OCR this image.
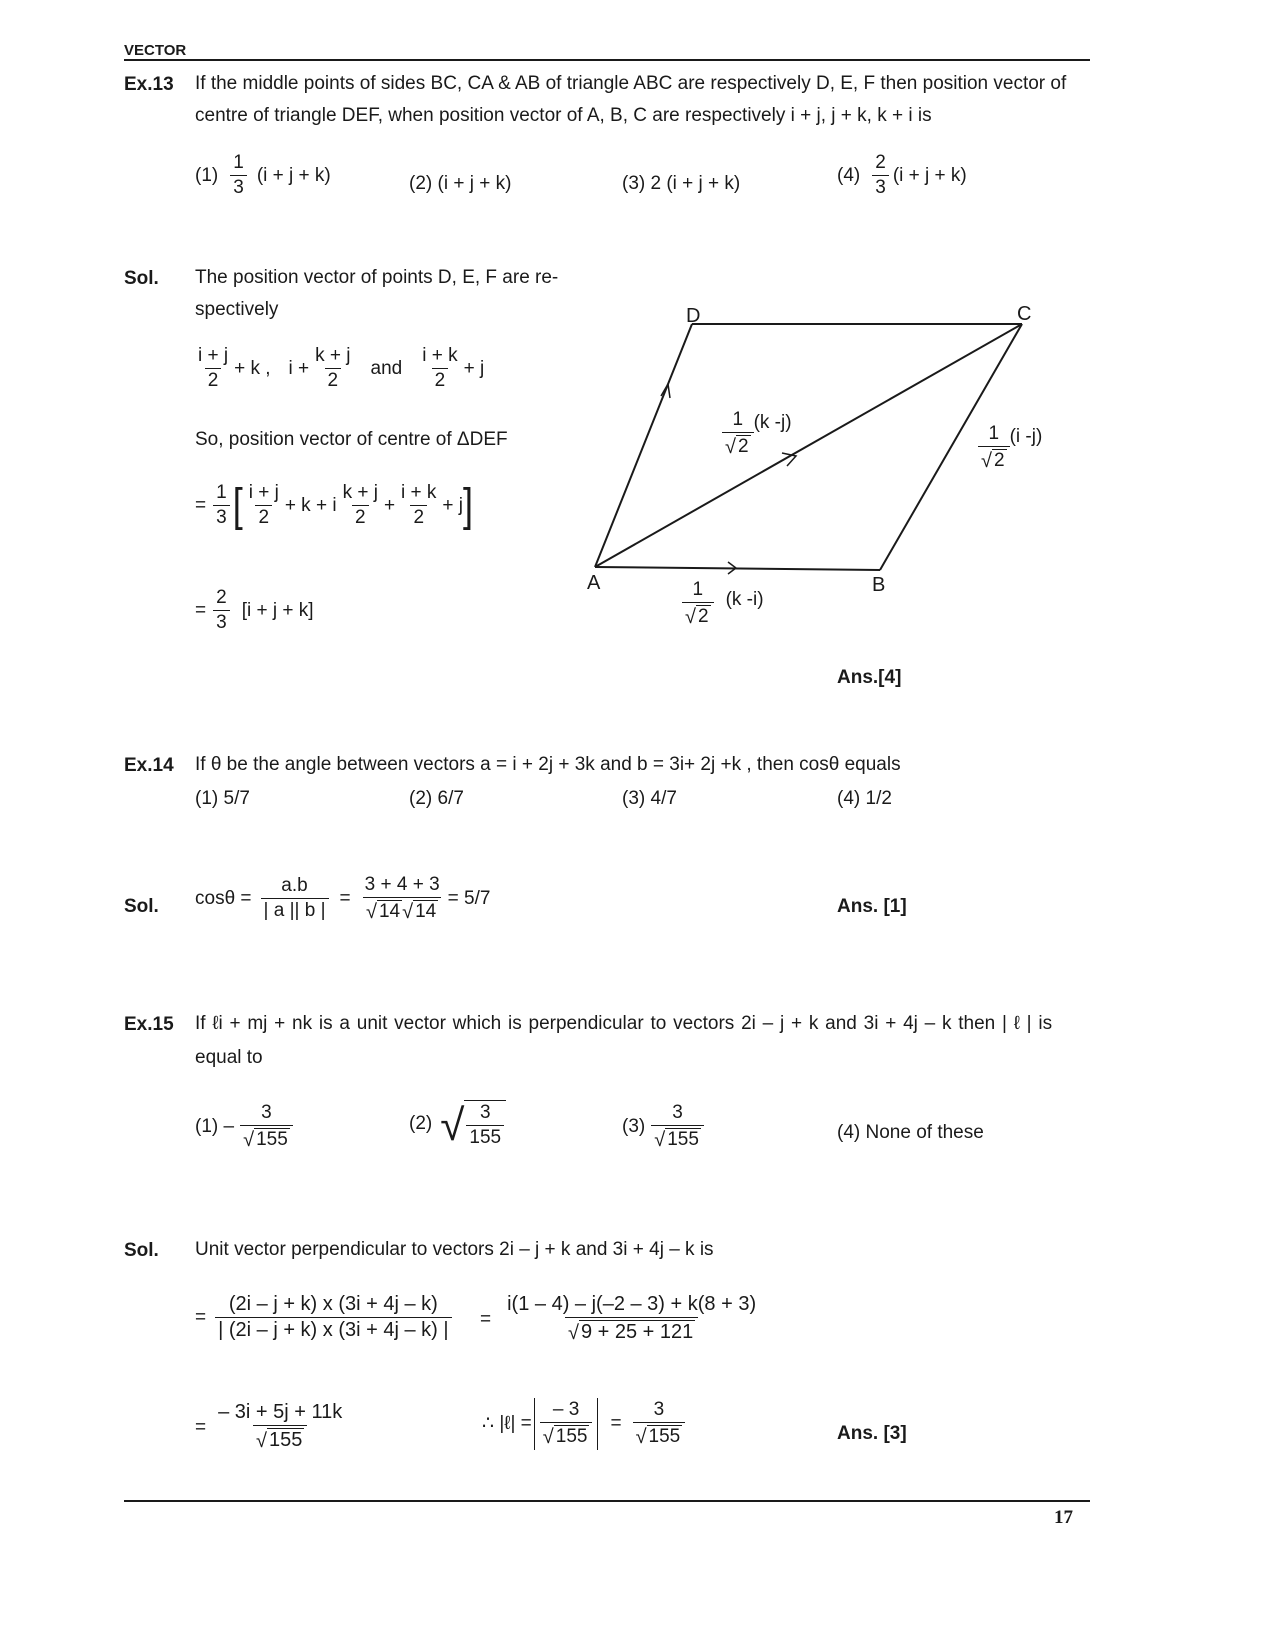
VECTOR
Ex.13 If the middle points of sides BC, CA & AB of triangle ABC are respectively D, E, F then position vector of
centre of triangle DEF, when position vector of A, B, C are respectively i + j, j + k, k + i is
$(1) \frac{1}{3} (i + j + k)$	(2) (i + j + k)	(3) 2 (i + j + k)	$(4) \frac{2}{3} (i + j + k)$
Sol. The position vector of points D, E, F are re-
spectively
$\frac{i + j}{2} + k$ , $i + \frac{k + j}{2}$ and $\frac{i + k}{2} + j$
So, position vector of centre of ΔDEF
= $\frac{1}{3}$ [ $\frac{i + j}{2} + k + i \frac{k + j}{2} + \frac{i + k}{2} + j$ ]
= $\frac{2}{3} [i + j + k]$
D	C
A	B
$\frac{1}{√ 2} (k$ -j)
$\frac{1}{√ 2} (i$ -j)
$\frac{1}{√ 2} (k$ -i)
Ans.[4]
Ex.14 If θ be the angle between vectors a = i + 2j + 3k and b = 3i+ 2j +k , then cosθ equals
(1) 5/7	(2) 6/7	(3) 4/7	(4) 1/2
Sol. $\cos\theta = \frac{a.b}{| a || b |} = \frac{3 + 4 + 3}{√ 14 √ 14} = 5/7$	Ans. [1]
Ex.15 If ℓi + mj + nk is a unit vector which is perpendicular to vectors 2i – j + k and 3i + 4j – k then | ℓ | is
equal to
$(1) - \frac{3}{√ 155}$	(2) √ $\frac{3}{155}$	$(3) \frac{3}{√ 155}$	(4) None of these
Sol. Unit vector perpendicular to vectors 2i – j + k and 3i + 4j – k is
= $\frac{(2i - j + k) x (3i + 4j - k)}{| (2i - j + k) x (3i + 4j - k) |} = \frac{i(1 - 4) - j(-2 - 3) + k(8 + 3)}{√ 9 + 25 + 121}$
= $\frac{- 3i + 5j + 11k}{√ 155}$	∴ |ℓ| = $\frac{- 3}{√ 155} = \frac{3}{√ 155}$	Ans. [3]
17
